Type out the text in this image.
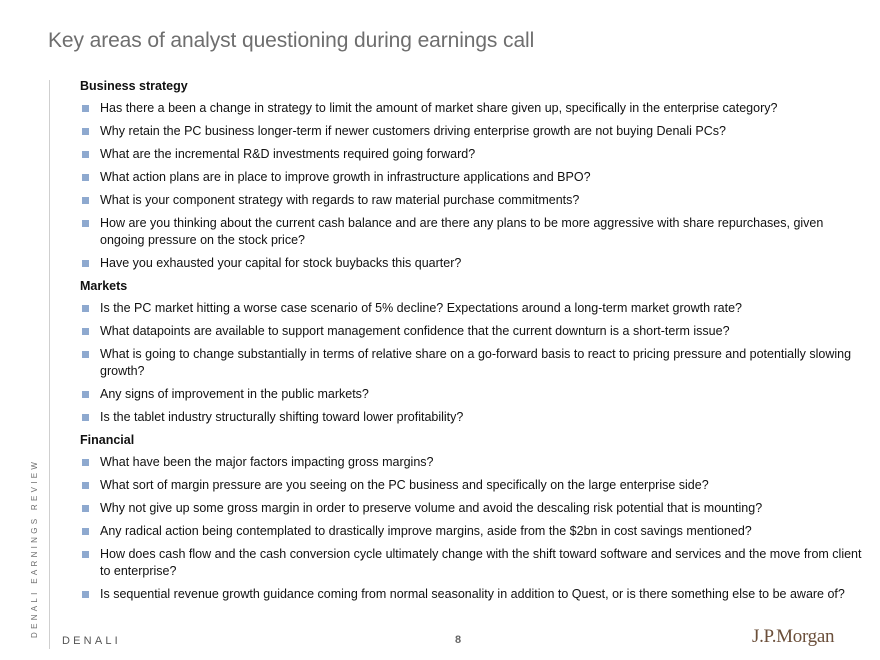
Key areas of analyst questioning during earnings call
DENALI EARNINGS REVIEW
Business strategy
Has there a been a change in strategy to limit the amount of market share given up, specifically in the enterprise category?
Why retain the PC business longer-term if newer customers driving enterprise growth are not buying Denali PCs?
What are the incremental R&D investments required going forward?
What action plans are in place to improve growth in infrastructure applications and BPO?
What is your component strategy with regards to raw material purchase commitments?
How are you thinking about the current cash balance and are there any plans to be more aggressive with share repurchases, given ongoing pressure on the stock price?
Have you exhausted your capital for stock buybacks this quarter?
Markets
Is the PC market hitting a worse case scenario of 5% decline? Expectations around a long-term market growth rate?
What datapoints are available to support management confidence that the current downturn is a short-term issue?
What is going to change substantially in terms of relative share on a go-forward basis to react to pricing pressure and potentially slowing growth?
Any signs of improvement in the public markets?
Is the tablet industry structurally shifting toward lower profitability?
Financial
What have been the major factors impacting gross margins?
What sort of margin pressure are you seeing on the PC business and specifically on the large enterprise side?
Why not give up some gross margin in order to preserve volume and avoid the descaling risk potential that is mounting?
Any radical action being contemplated to drastically improve margins, aside from the $2bn in cost savings mentioned?
How does cash flow and the cash conversion cycle ultimately change with the shift toward software and services and the move from client to enterprise?
Is sequential revenue growth guidance coming from normal seasonality in addition to Quest, or is there something else to be aware of?
DENALI	8	J.P.Morgan
